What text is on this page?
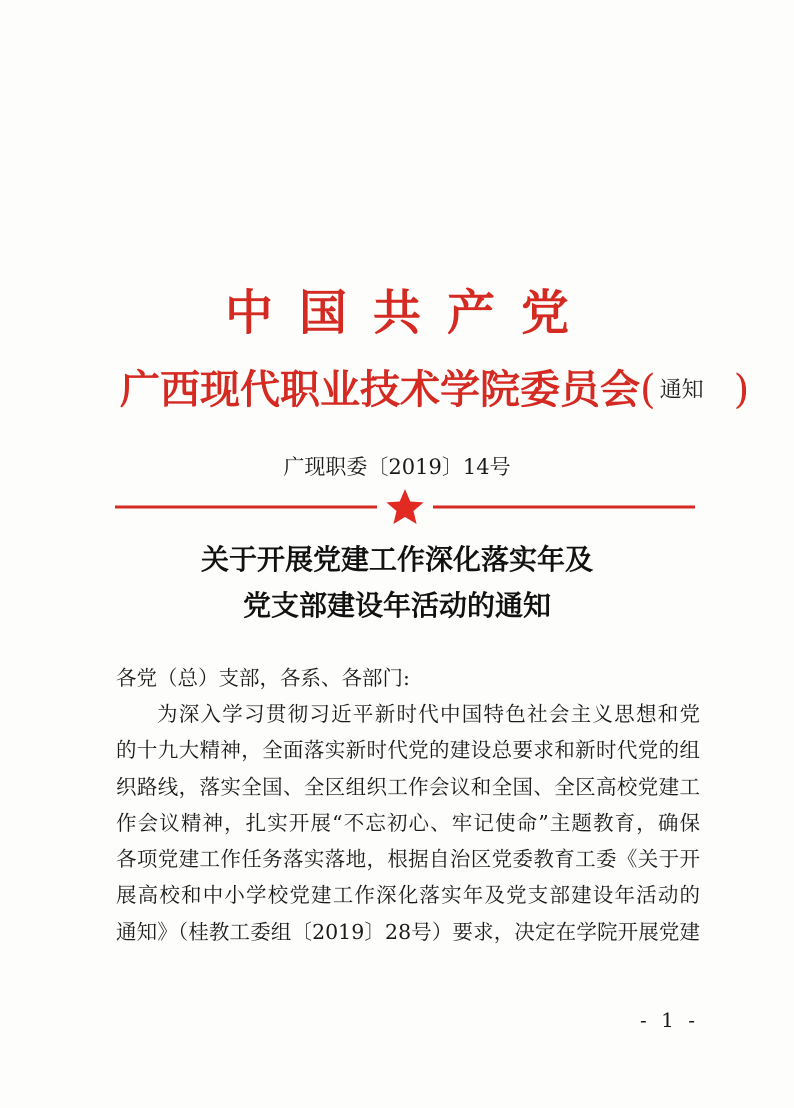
中国共产党
广西现代职业技术学院委员会( 通知 )
广现职委〔2019〕14号
关于开展党建工作深化落实年及
党支部建设年活动的通知
各党（总）支部，各系、各部门:
为深入学习贯彻习近平新时代中国特色社会主义思想和党
的十九大精神，全面落实新时代党的建设总要求和新时代党的组
织路线，落实全国、全区组织工作会议和全国、全区高校党建工
作会议精神，扎实开展“不忘初心、牢记使命”主题教育，确保
各项党建工作任务落实落地，根据自治区党委教育工委《关于开
展高校和中小学校党建工作深化落实年及党支部建设年活动的
通知》（桂教工委组〔2019〕28号）要求，决定在学院开展党建
- 1 -
